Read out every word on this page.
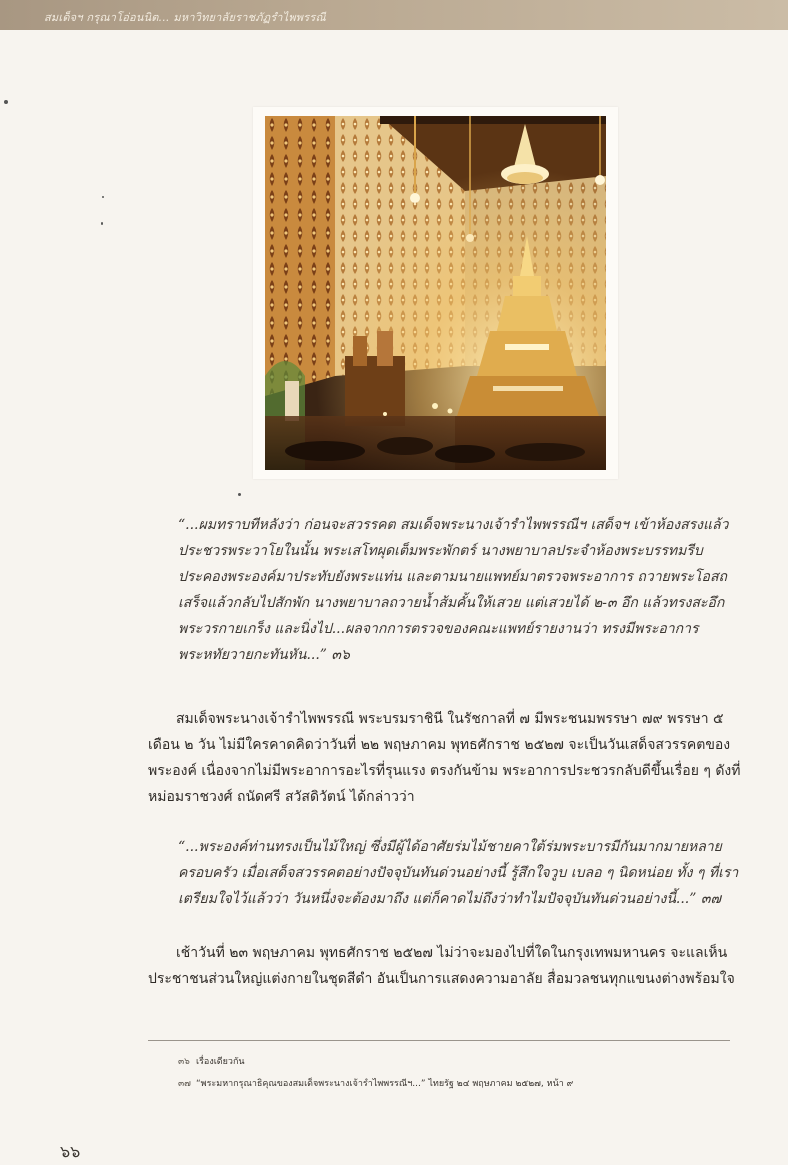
สมเด็จฯ กรุณาโอ่อนนิต... มหาวิทยาลัยราชภัฏรำไพพรรณี
“...ผมทราบทีหลังว่า ก่อนจะสวรรคต สมเด็จพระนางเจ้ารำไพพรรณีฯ เสด็จฯ เข้าห้องสรงแล้ว
ประชวรพระวาโยในนั้น พระเสโทผุดเต็มพระพักตร์ นางพยาบาลประจำห้องพระบรรทมรีบ
ประคองพระองค์มาประทับยังพระแท่น และตามนายแพทย์มาตรวจพระอาการ ถวายพระโอสถ
เสร็จแล้วกลับไปสักพัก นางพยาบาลถวายน้ำส้มคั้นให้เสวย แต่เสวยได้ ๒-๓ อึก แล้วทรงสะอึก
พระวรกายเกร็ง และนิ่งไป...ผลจากการตรวจของคณะแพทย์รายงานว่า ทรงมีพระอาการ
พระหทัยวายกะทันหัน...” ๓๖
สมเด็จพระนางเจ้ารำไพพรรณี พระบรมราชินี ในรัชกาลที่ ๗ มีพระชนมพรรษา ๗๙ พรรษา ๕
เดือน ๒ วัน ไม่มีใครคาดคิดว่าวันที่ ๒๒ พฤษภาคม พุทธศักราช ๒๕๒๗ จะเป็นวันเสด็จสวรรคตของ
พระองค์ เนื่องจากไม่มีพระอาการอะไรที่รุนแรง ตรงกันข้าม พระอาการประชวรกลับดีขึ้นเรื่อย ๆ ดังที่
หม่อมราชวงศ์ ถนัดศรี สวัสดิวัตน์ ได้กล่าวว่า
“...พระองค์ท่านทรงเป็นไม้ใหญ่ ซึ่งมีผู้ได้อาศัยร่มไม้ชายคาใต้ร่มพระบารมีกันมากมายหลาย
ครอบครัว เมื่อเสด็จสวรรคตอย่างปัจจุบันทันด่วนอย่างนี้ รู้สึกใจวูบ เบลอ ๆ นิดหน่อย ทั้ง ๆ ที่เรา
เตรียมใจไว้แล้วว่า วันหนึ่งจะต้องมาถึง แต่ก็คาดไม่ถึงว่าทำไมปัจจุบันทันด่วนอย่างนี้...” ๓๗
เช้าวันที่ ๒๓ พฤษภาคม พุทธศักราช ๒๕๒๗ ไม่ว่าจะมองไปที่ใดในกรุงเทพมหานคร จะแลเห็น
ประชาชนส่วนใหญ่แต่งกายในชุดสีดำ อันเป็นการแสดงความอาลัย สื่อมวลชนทุกแขนงต่างพร้อมใจ
๓๖ เรื่องเดียวกัน
๓๗ “พระมหากรุณาธิคุณของสมเด็จพระนางเจ้ารำไพพรรณีฯ...” ไทยรัฐ ๒๔ พฤษภาคม ๒๕๒๗, หน้า ๙
๖๖
